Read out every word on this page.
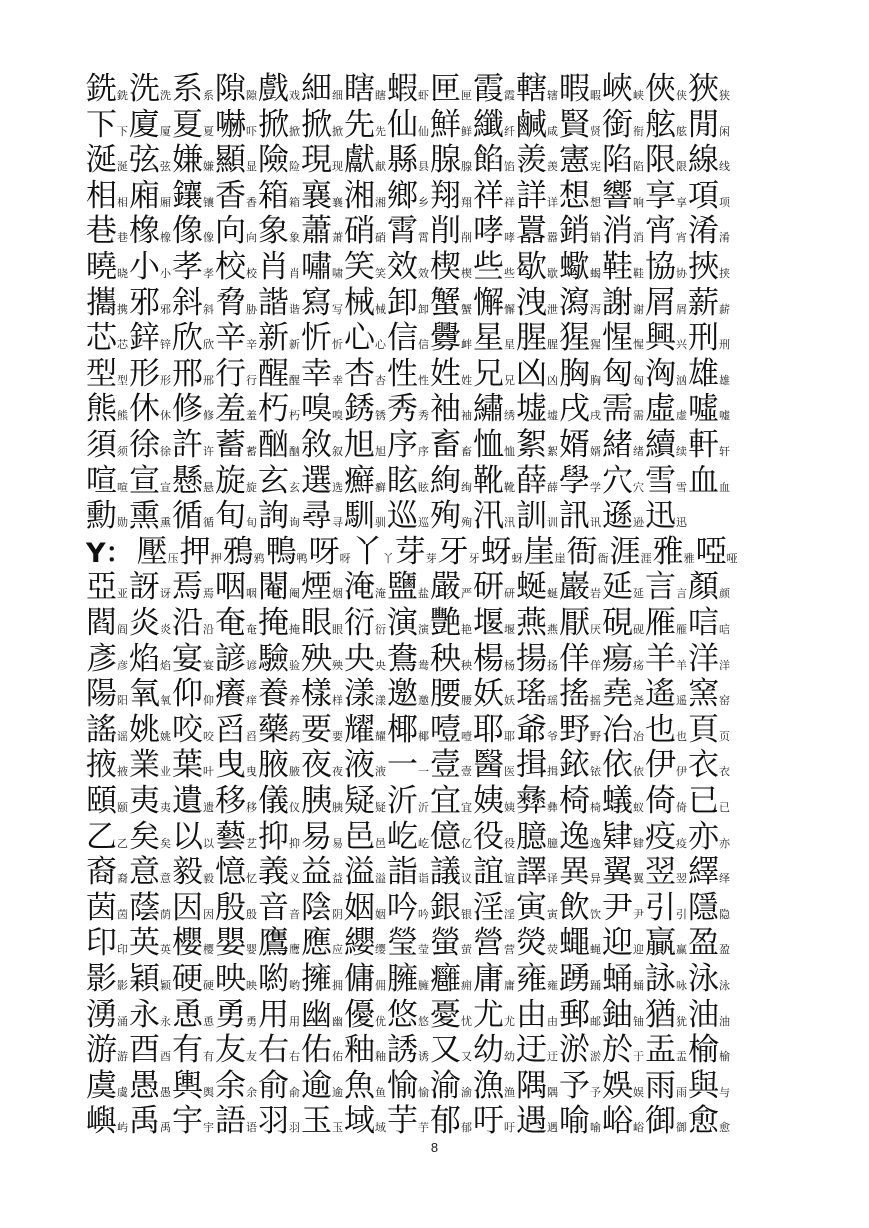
銑銑洗洗系系隙隙戲戏細细瞎瞎蝦虾匣匣霞霞轄辖暇暇峽峡俠侠狹狭
下下廈厦夏夏嚇吓掀掀掀掀先先仙仙鮮鲜纖纤鹹咸賢贤銜衔舷舷閒闲
涎涎弦弦嫌嫌顯显險险現现獻献縣县腺腺餡馅羨羡憲宪陷陷限限線线
相相廂厢鑲镶香香箱箱襄襄湘湘鄉乡翔翔祥祥詳详想想響响享享項项
巷巷橡橡像像向向象象蕭萧硝硝霄霄削削哮哮囂嚣銷销消消宵宵淆淆
曉晓小小孝孝校校肖肖嘯啸笑笑效效楔楔些些歇歇蠍蝎鞋鞋協协挾挟
攜携邪邪斜斜脅胁諧谐寫写械械卸卸蟹蟹懈懈洩泄瀉泻謝谢屑屑薪薪
芯芯鋅锌欣欣辛辛新新忻忻心心信信釁衅星星腥腥猩猩惺惺興兴刑刑
型型形形邢邢行行醒醒幸幸杏杏性性姓姓兄兄凶凶胸胸匈匈洶汹雄雄
熊熊休休修修羞羞朽朽嗅嗅銹锈秀秀袖袖繡绣墟墟戌戌需需虛虚噓嘘
須须徐徐許许蓄蓄酗酗敘叙旭旭序序畜畜恤恤絮絮婿婿緒绪續续軒轩
喧喧宣宣懸悬旋旋玄玄選选癬癣眩眩絢绚靴靴薛薛學学穴穴雪雪血血
勳勋熏熏循循旬旬詢询尋寻馴驯巡巡殉殉汛汛訓训訊讯遜逊迅迅
Y： 壓压押押鴉鸦鴨鸭呀呀丫丫芽芽牙牙蚜蚜崖崖衙衙涯涯雅雅啞哑
亞亚訝讶焉焉咽咽閹阉煙烟淹淹鹽盐嚴严研研蜒蜒巖岩延延言言顏颜
閻阎炎炎沿沿奄奄掩掩眼眼衍衍演演艷艳堰堰燕燕厭厌硯砚雁雁唁唁
彥彦焰焰宴宴諺谚驗验殃殃央央鴦鸯秧秧楊杨揚扬佯佯瘍疡羊羊洋洋
陽阳氧氧仰仰癢痒養养樣样漾漾邀邀腰腰妖妖瑤瑶搖摇堯尧遙遥窯窑
謠谣姚姚咬咬舀舀藥药要要耀耀椰椰噎噎耶耶爺爷野野冶冶也也頁页
掖掖業业葉叶曳曳腋腋夜夜液液一一壹壹醫医揖揖銥铱依依伊伊衣衣
頤颐夷夷遺遗移移儀仪胰胰疑疑沂沂宜宜姨姨彝彝椅椅蟻蚁倚倚已已
乙乙矣矣以以藝艺抑抑易易邑邑屹屹億亿役役臆臆逸逸肄肄疫疫亦亦
裔裔意意毅毅憶忆義义益益溢溢詣诣議议誼谊譯译異异翼翼翌翌繹绎
茵茵蔭荫因因殷殷音音陰阴姻姻吟吟銀银淫淫寅寅飲饮尹尹引引隱隐
印印英英櫻樱嬰婴鷹鹰應应纓缨瑩莹螢萤營营熒荧蠅蝇迎迎贏赢盈盈
影影穎颖硬硬映映喲哟擁拥傭佣臃臃癰痈庸庸雍雍踴踊蛹蛹詠咏泳泳
湧涌永永恿恿勇勇用用幽幽優优悠悠憂忧尤尤由由郵邮鈾铀猶犹油油
游游酉酉有有友友右右佑佑釉釉誘诱又又幼幼迂迂淤淤於于盂盂榆榆
虞虞愚愚輿舆余余俞俞逾逾魚鱼愉愉渝渝漁渔隅隅予予娛娱雨雨與与
嶼屿禹禹宇宇語语羽羽玉玉域域芋芋郁郁吁吁遇遇喻喻峪峪御御愈愈
8
